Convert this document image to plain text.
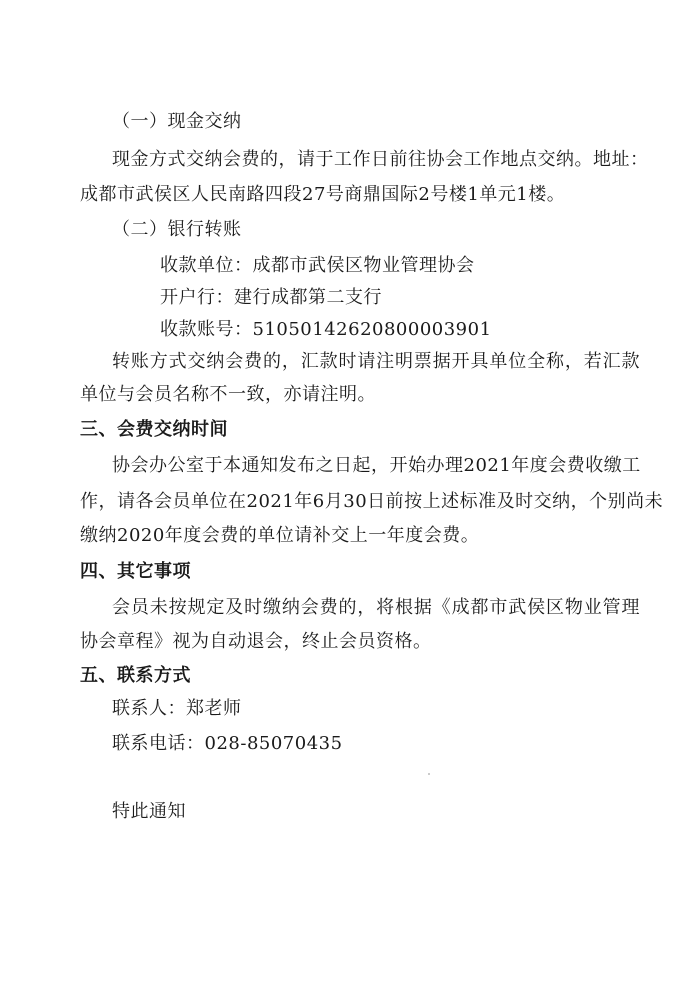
（一）现金交纳
现金方式交纳会费的，请于工作日前往协会工作地点交纳。地址：
成都市武侯区人民南路四段27号商鼎国际2号楼1单元1楼。
（二）银行转账
收款单位：成都市武侯区物业管理协会
开户行：建行成都第二支行
收款账号：51050142620800003901
转账方式交纳会费的，汇款时请注明票据开具单位全称，若汇款
单位与会员名称不一致，亦请注明。
三、会费交纳时间
协会办公室于本通知发布之日起，开始办理2021年度会费收缴工
作，请各会员单位在2021年6月30日前按上述标准及时交纳，个别尚未
缴纳2020年度会费的单位请补交上一年度会费。
四、其它事项
会员未按规定及时缴纳会费的，将根据《成都市武侯区物业管理
协会章程》视为自动退会，终止会员资格。
五、联系方式
联系人：郑老师
联系电话：028-85070435
特此通知
